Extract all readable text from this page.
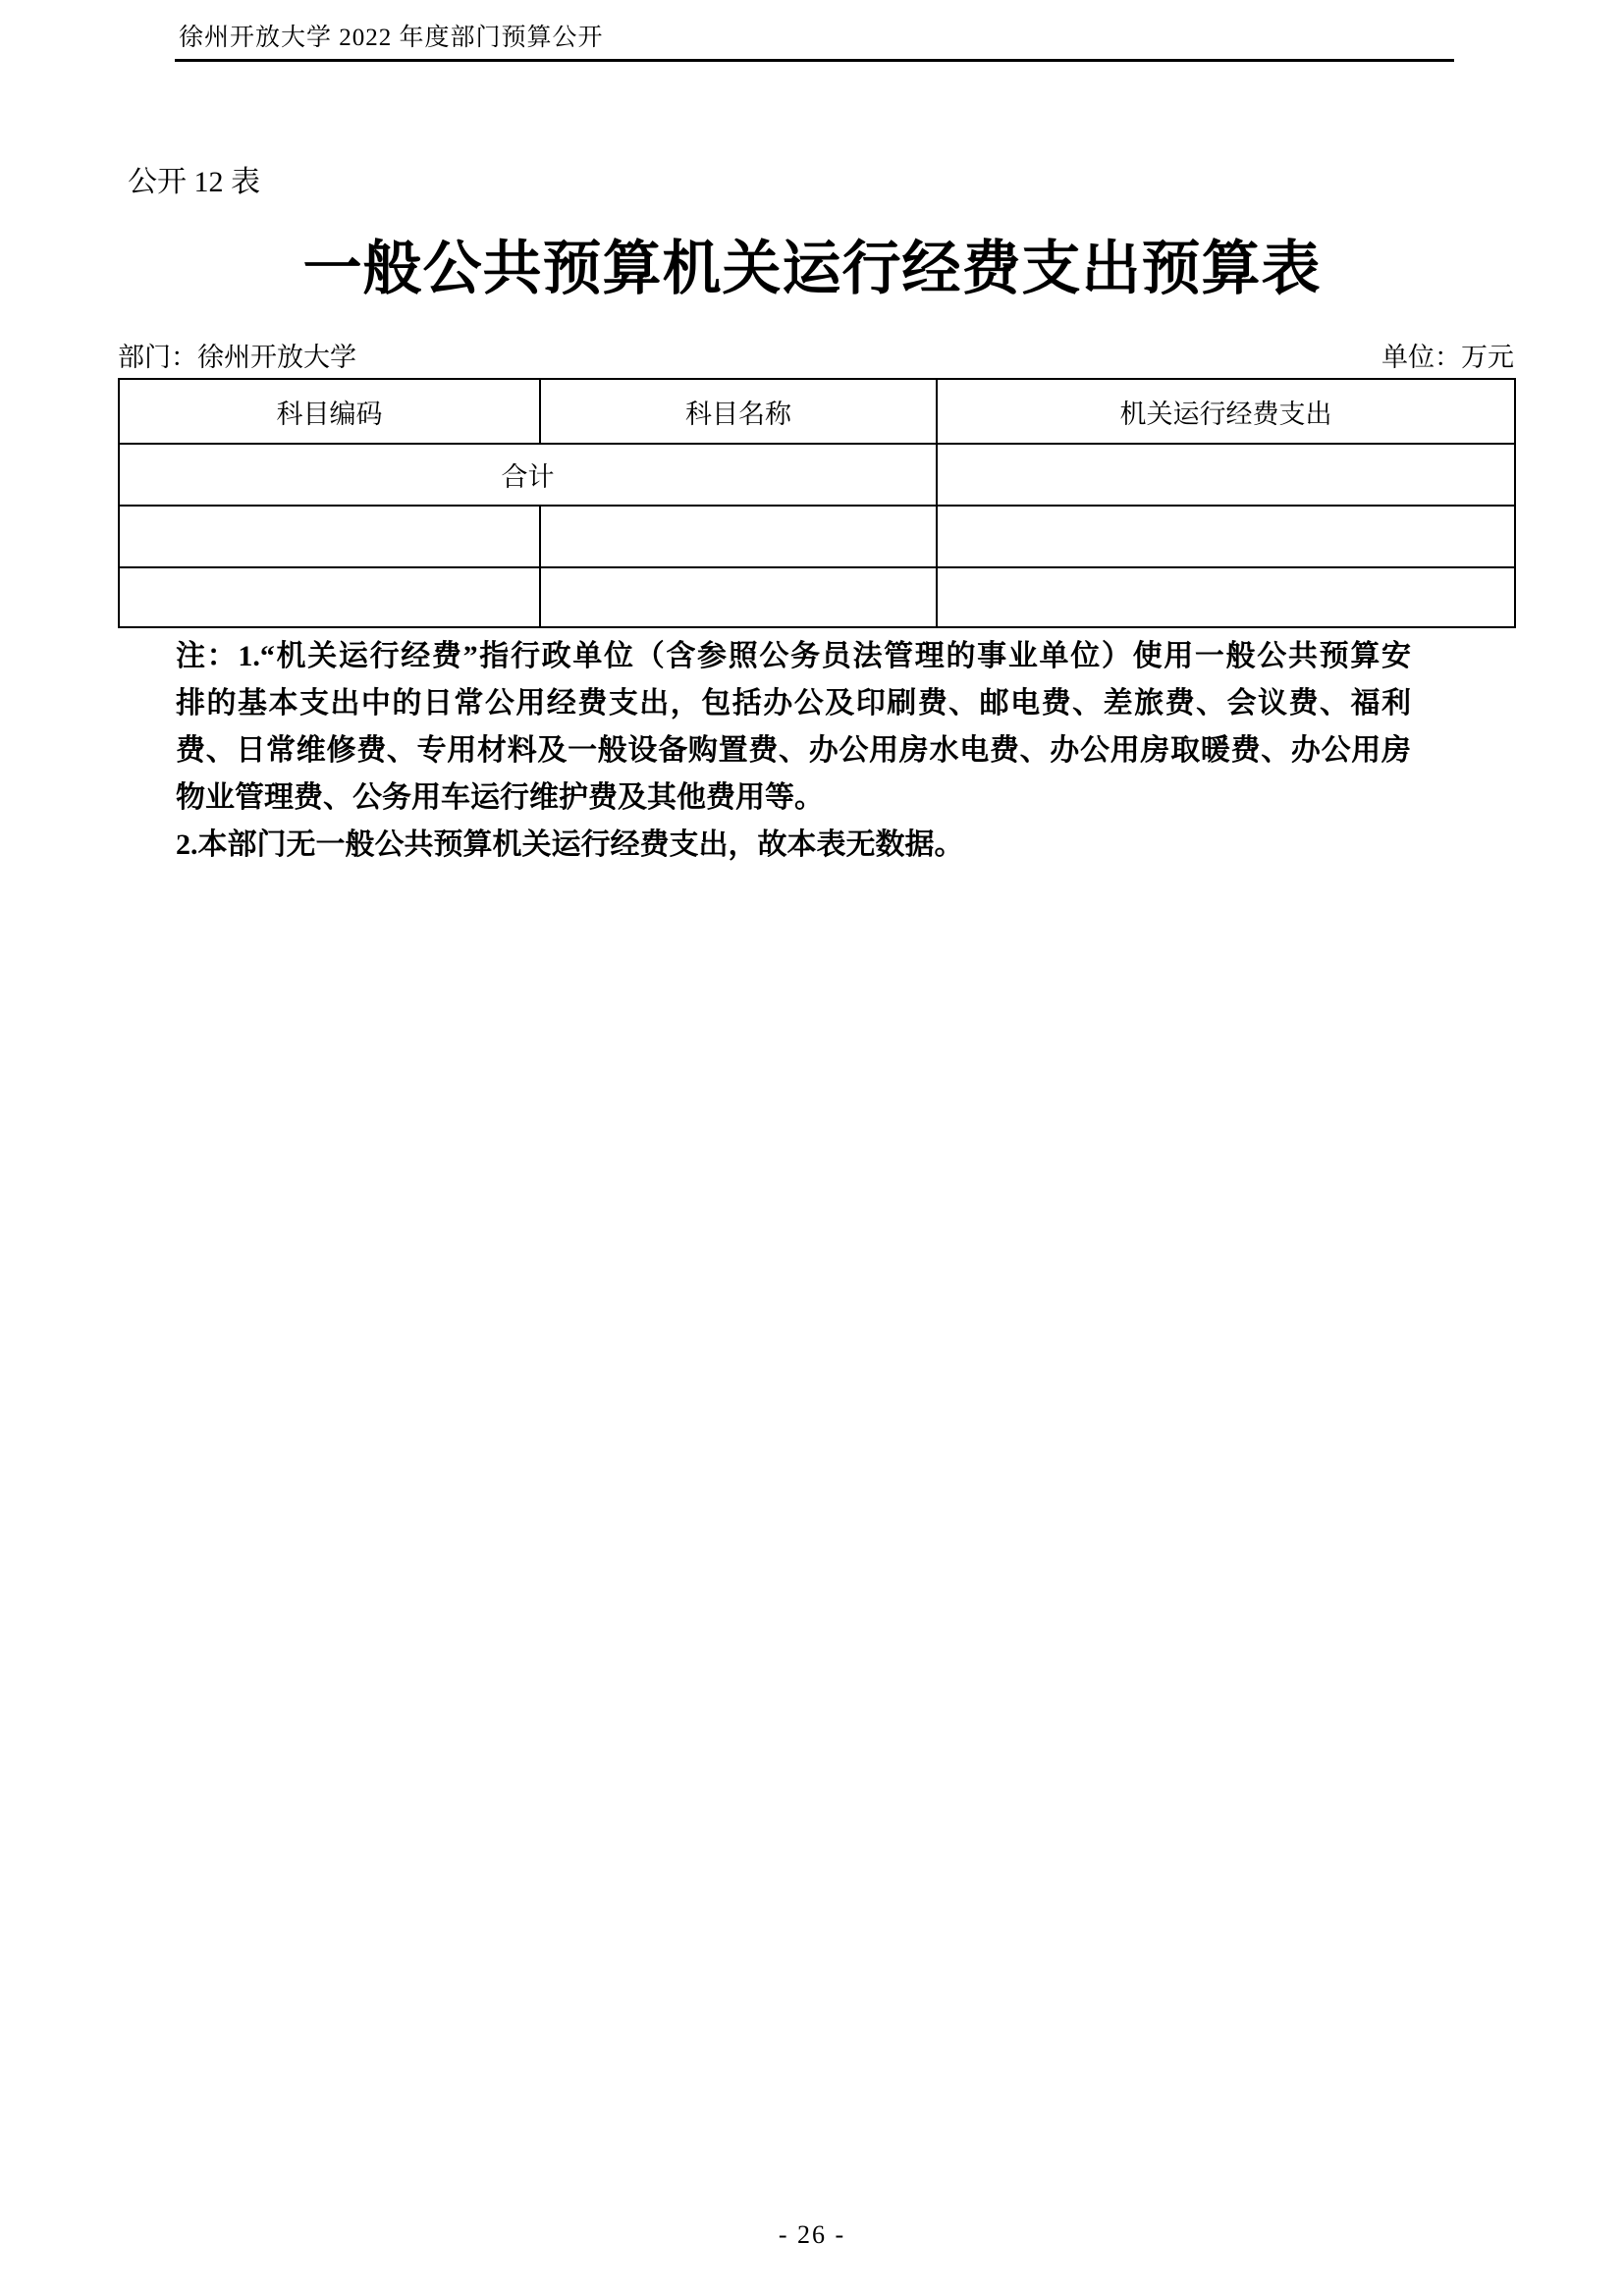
徐州开放大学 2022 年度部门预算公开
公开 12 表
一般公共预算机关运行经费支出预算表
部门：徐州开放大学	单位：万元
科目编码	科目名称	机关运行经费支出
合计		

注：1.“机关运行经费”指行政单位（含参照公务员法管理的事业单位）使用一般公共预算安
排的基本支出中的日常公用经费支出，包括办公及印刷费、邮电费、差旅费、会议费、福利
费、日常维修费、专用材料及一般设备购置费、办公用房水电费、办公用房取暖费、办公用房
物业管理费、公务用车运行维护费及其他费用等。
2.本部门无一般公共预算机关运行经费支出，故本表无数据。
- 26 -
